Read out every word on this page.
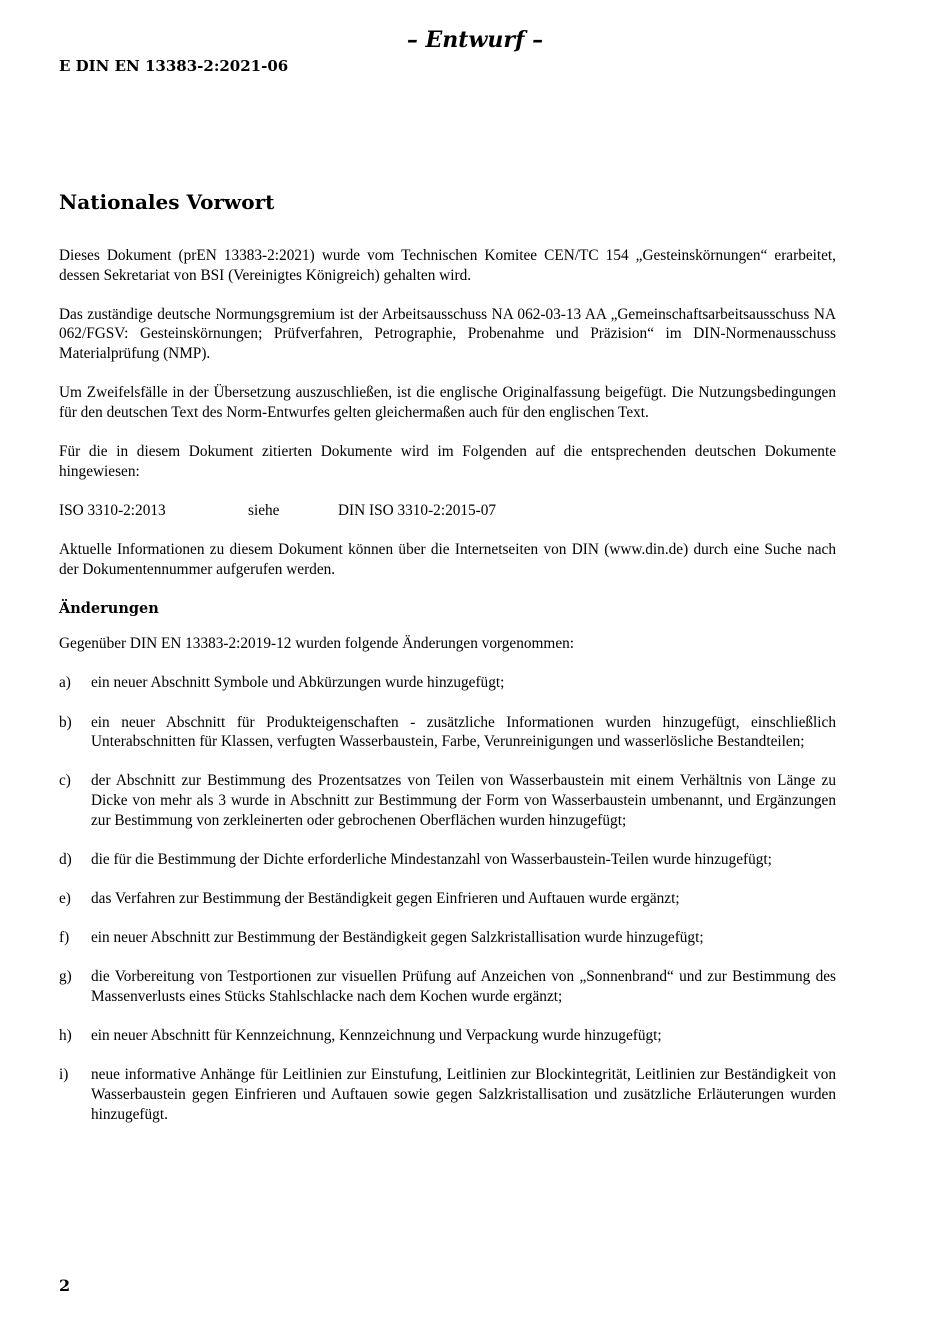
– Entwurf –
E DIN EN 13383-2:2021-06
Nationales Vorwort

Dieses Dokument (prEN 13383-2:2021) wurde vom Technischen Komitee CEN/TC 154 „Gesteinskörnungen“ erarbeitet, dessen Sekretariat von BSI (Vereinigtes Königreich) gehalten wird.

Das zuständige deutsche Normungsgremium ist der Arbeitsausschuss NA 062-03-13 AA „Gemeinschaftsarbeitsausschuss NA 062/FGSV: Gesteinskörnungen; Prüfverfahren, Petrographie, Probenahme und Präzision“ im DIN-Normenausschuss Materialprüfung (NMP).

Um Zweifelsfälle in der Übersetzung auszuschließen, ist die englische Originalfassung beigefügt. Die Nutzungsbedingungen für den deutschen Text des Norm-Entwurfes gelten gleichermaßen auch für den englischen Text.

Für die in diesem Dokument zitierten Dokumente wird im Folgenden auf die entsprechenden deutschen Dokumente hingewiesen:

ISO 3310-2:2013	siehe	DIN ISO 3310-2:2015-07

Aktuelle Informationen zu diesem Dokument können über die Internetseiten von DIN (www.din.de) durch eine Suche nach der Dokumentennummer aufgerufen werden.

Änderungen

Gegenüber DIN EN 13383-2:2019-12 wurden folgende Änderungen vorgenommen:

a)	ein neuer Abschnitt Symbole und Abkürzungen wurde hinzugefügt;
b)	ein neuer Abschnitt für Produkteigenschaften - zusätzliche Informationen wurden hinzugefügt, einschließlich Unterabschnitten für Klassen, verfugten Wasserbaustein, Farbe, Verunreinigungen und wasserlösliche Bestandteilen;
c)	der Abschnitt zur Bestimmung des Prozentsatzes von Teilen von Wasserbaustein mit einem Verhältnis von Länge zu Dicke von mehr als 3 wurde in Abschnitt zur Bestimmung der Form von Wasserbaustein umbenannt, und Ergänzungen zur Bestimmung von zerkleinerten oder gebrochenen Oberflächen wurden hinzugefügt;
d)	die für die Bestimmung der Dichte erforderliche Mindestanzahl von Wasserbaustein-Teilen wurde hinzugefügt;
e)	das Verfahren zur Bestimmung der Beständigkeit gegen Einfrieren und Auftauen wurde ergänzt;
f)	ein neuer Abschnitt zur Bestimmung der Beständigkeit gegen Salzkristallisation wurde hinzugefügt;
g)	die Vorbereitung von Testportionen zur visuellen Prüfung auf Anzeichen von „Sonnenbrand“ und zur Bestimmung des Massenverlusts eines Stücks Stahlschlacke nach dem Kochen wurde ergänzt;
h)	ein neuer Abschnitt für Kennzeichnung, Kennzeichnung und Verpackung wurde hinzugefügt;
i)	neue informative Anhänge für Leitlinien zur Einstufung, Leitlinien zur Blockintegrität, Leitlinien zur Beständigkeit von Wasserbaustein gegen Einfrieren und Auftauen sowie gegen Salzkristallisation und zusätzliche Erläuterungen wurden hinzugefügt.
2
